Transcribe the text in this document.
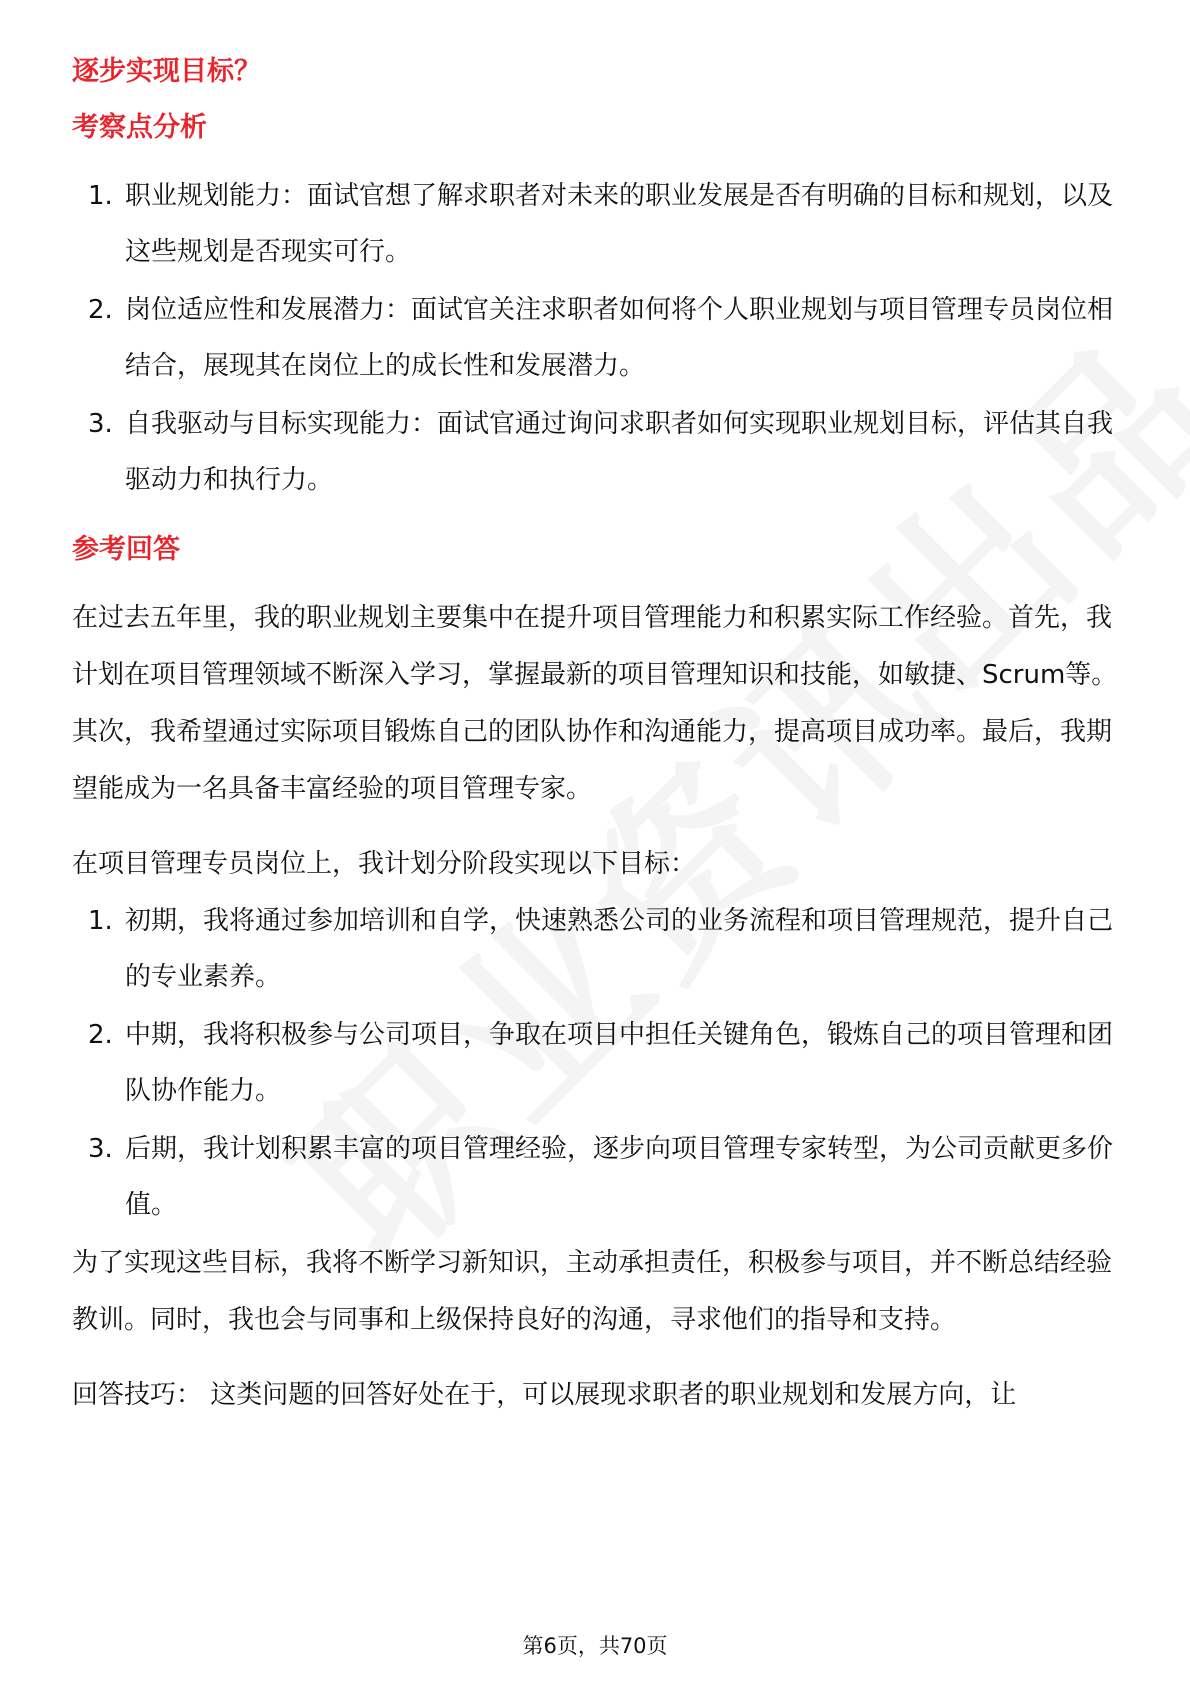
逐步实现目标？

考察点分析

1. 职业规划能力：面试官想了解求职者对未来的职业发展是否有明确的目标和规划，以及这些规划是否现实可行。
2. 岗位适应性和发展潜力：面试官关注求职者如何将个人职业规划与项目管理专员岗位相结合，展现其在岗位上的成长性和发展潜力。
3. 自我驱动与目标实现能力：面试官通过询问求职者如何实现职业规划目标，评估其自我驱动力和执行力。

参考回答

在过去五年里，我的职业规划主要集中在提升项目管理能力和积累实际工作经验。首先，我计划在项目管理领域不断深入学习，掌握最新的项目管理知识和技能，如敏捷、Scrum等。其次，我希望通过实际项目锻炼自己的团队协作和沟通能力，提高项目成功率。最后，我期望能成为一名具备丰富经验的项目管理专家。

在项目管理专员岗位上，我计划分阶段实现以下目标：

1. 初期，我将通过参加培训和自学，快速熟悉公司的业务流程和项目管理规范，提升自己的专业素养。
2. 中期，我将积极参与公司项目，争取在项目中担任关键角色，锻炼自己的项目管理和团队协作能力。
3. 后期，我计划积累丰富的项目管理经验，逐步向项目管理专家转型，为公司贡献更多价值。

为了实现这些目标，我将不断学习新知识，主动承担责任，积极参与项目，并不断总结经验教训。同时，我也会与同事和上级保持良好的沟通，寻求他们的指导和支持。

回答技巧： 这类问题的回答好处在于，可以展现求职者的职业规划和发展方向，让

第6页，共70页
